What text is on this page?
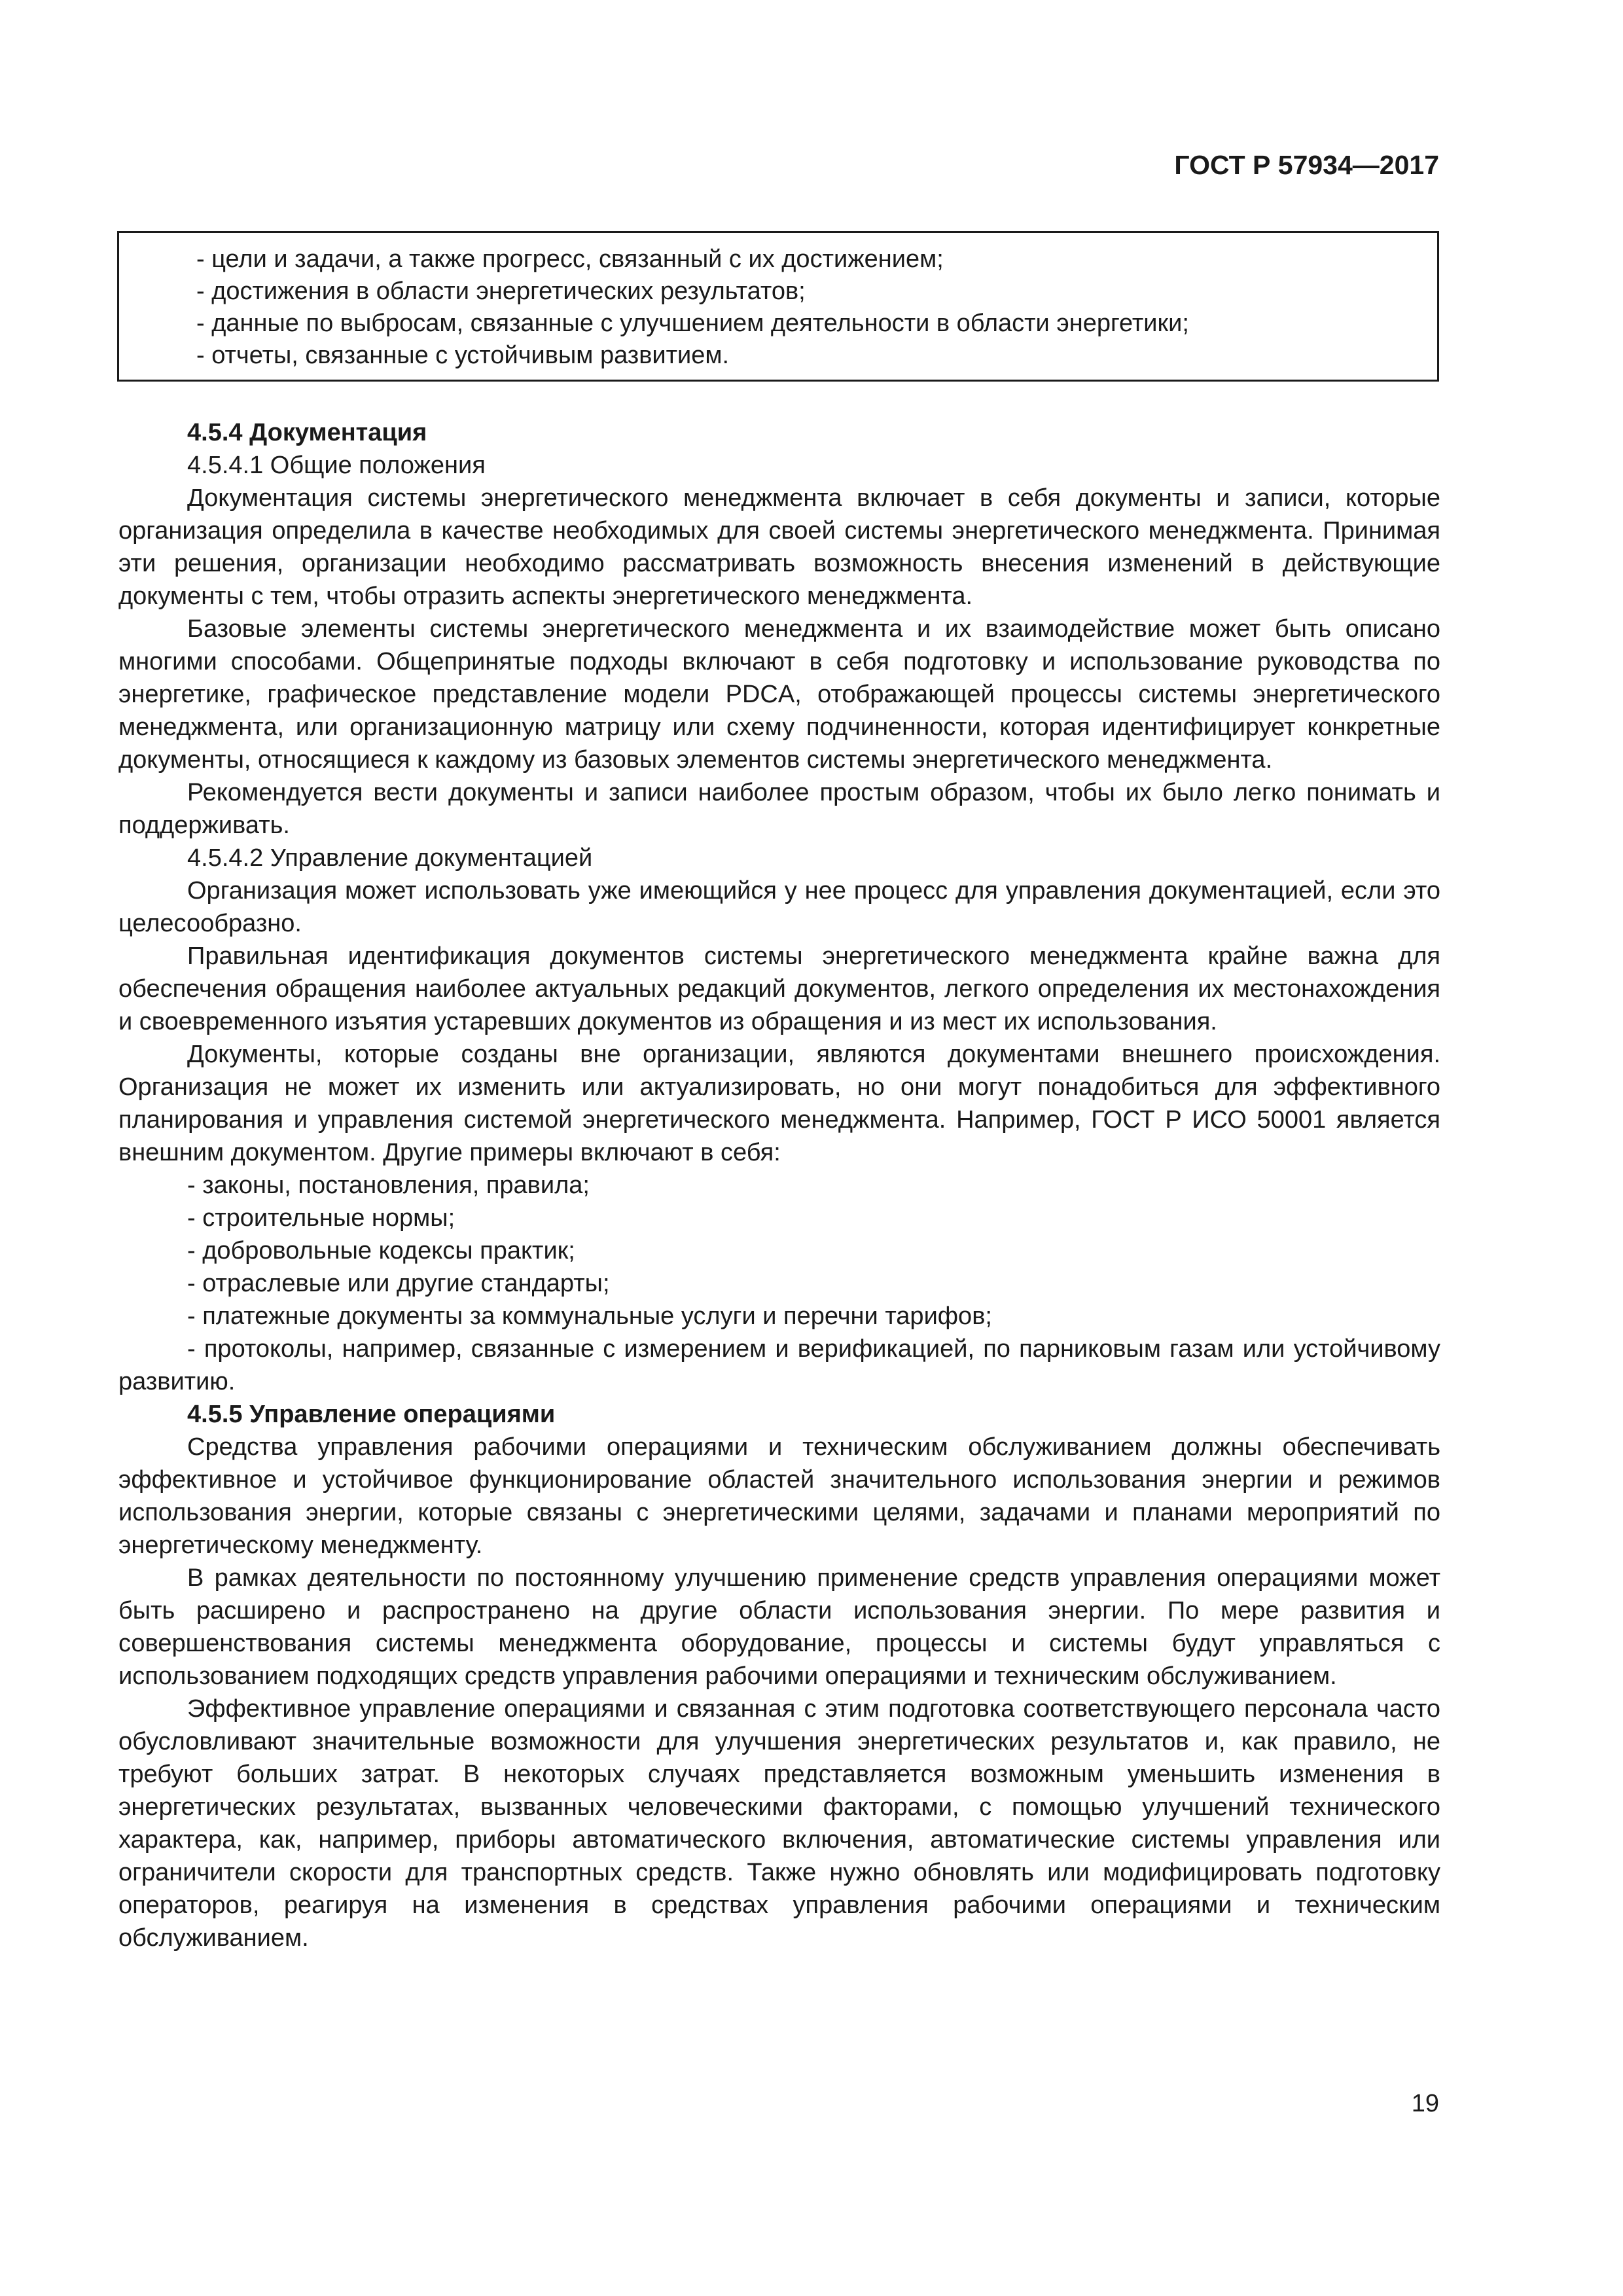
ГОСТ Р 57934—2017

- цели и задачи, а также прогресс, связанный с их достижением;

- достижения в области энергетических результатов;

- данные по выбросам, связанные с улучшением деятельности в области энергетики;

- отчеты, связанные с устойчивым развитием.

4.5.4 Документация

4.5.4.1 Общие положения

Документация системы энергетического менеджмента включает в себя документы и записи, которые организация определила в качестве необходимых для своей системы энергетического менеджмента. Принимая эти решения, организации необходимо рассматривать возможность внесения изменений в действующие документы с тем, чтобы отразить аспекты энергетического менеджмента.

Базовые элементы системы энергетического менеджмента и их взаимодействие может быть описано многими способами. Общепринятые подходы включают в себя подготовку и использование руководства по энергетике, графическое представление модели PDCA, отображающей процессы системы энергетического менеджмента, или организационную матрицу или схему подчиненности, которая идентифицирует конкретные документы, относящиеся к каждому из базовых элементов системы энергетического менеджмента.

Рекомендуется вести документы и записи наиболее простым образом, чтобы их было легко понимать и поддерживать.

4.5.4.2 Управление документацией

Организация может использовать уже имеющийся у нее процесс для управления документацией, если это целесообразно.

Правильная идентификация документов системы энергетического менеджмента крайне важна для обеспечения обращения наиболее актуальных редакций документов, легкого определения их местонахождения и своевременного изъятия устаревших документов из обращения и из мест их использования.

Документы, которые созданы вне организации, являются документами внешнего происхождения. Организация не может их изменить или актуализировать, но они могут понадобиться для эффективного планирования и управления системой энергетического менеджмента. Например, ГОСТ Р ИСО 50001 является внешним документом. Другие примеры включают в себя:

- законы, постановления, правила;

- строительные нормы;

- добровольные кодексы практик;

- отраслевые или другие стандарты;

- платежные документы за коммунальные услуги и перечни тарифов;

- протоколы, например, связанные с измерением и верификацией, по парниковым газам или устойчивому развитию.

4.5.5 Управление операциями

Средства управления рабочими операциями и техническим обслуживанием должны обеспечивать эффективное и устойчивое функционирование областей значительного использования энергии и режимов использования энергии, которые связаны с энергетическими целями, задачами и планами мероприятий по энергетическому менеджменту.

В рамках деятельности по постоянному улучшению применение средств управления операциями может быть расширено и распространено на другие области использования энергии. По мере развития и совершенствования системы менеджмента оборудование, процессы и системы будут управляться с использованием подходящих средств управления рабочими операциями и техническим обслуживанием.

Эффективное управление операциями и связанная с этим подготовка соответствующего персонала часто обусловливают значительные возможности для улучшения энергетических результатов и, как правило, не требуют больших затрат. В некоторых случаях представляется возможным уменьшить изменения в энергетических результатах, вызванных человеческими факторами, с помощью улучшений технического характера, как, например, приборы автоматического включения, автоматические системы управления или ограничители скорости для транспортных средств. Также нужно обновлять или модифицировать подготовку операторов, реагируя на изменения в средствах управления рабочими операциями и техническим обслуживанием.

19
